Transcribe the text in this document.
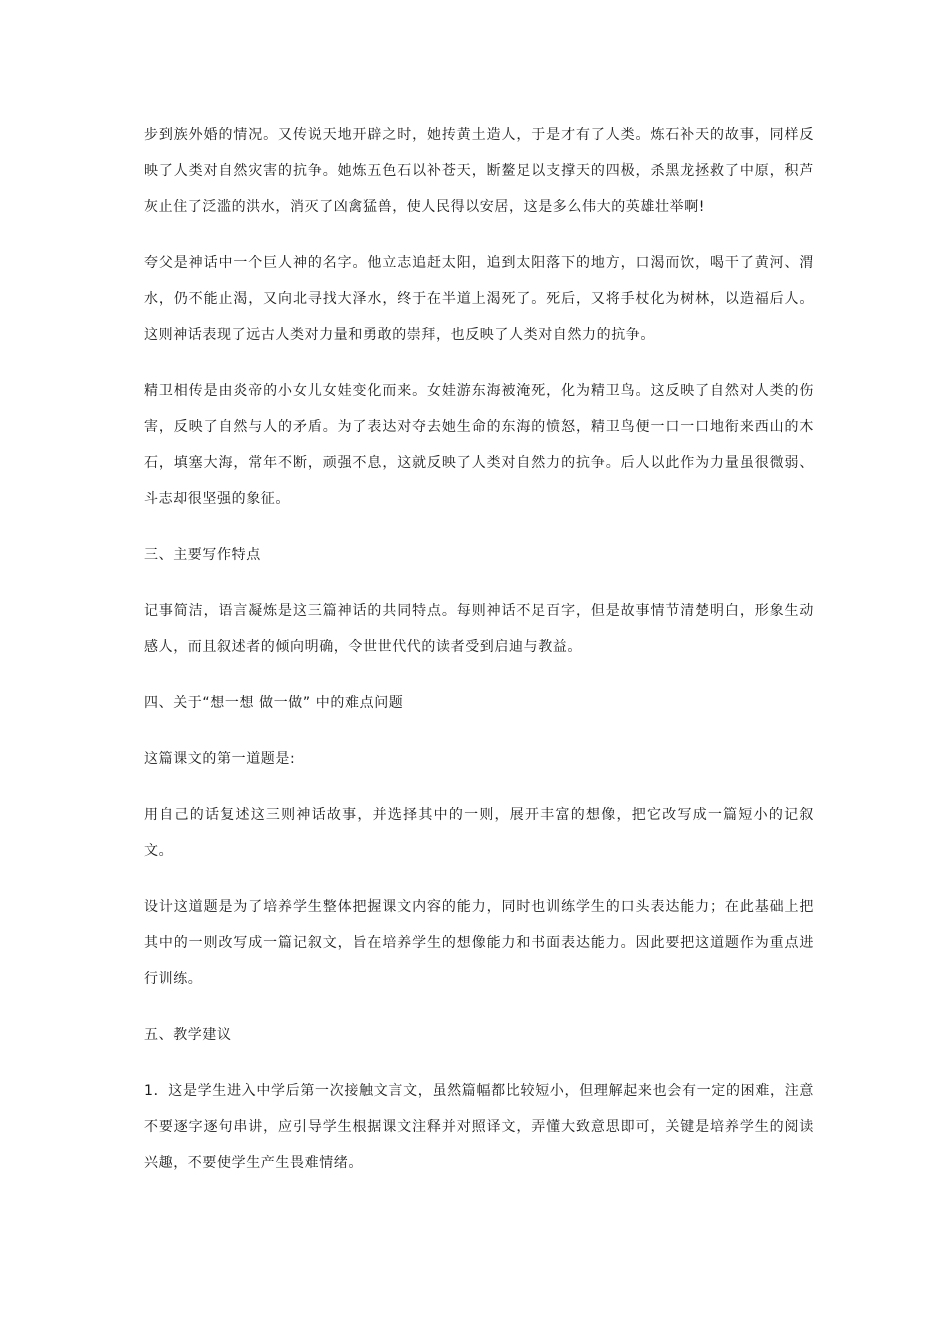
步到族外婚的情况。又传说天地开辟之时，她抟黄土造人，于是才有了人类。炼石补天的故事，同样反映了人类对自然灾害的抗争。她炼五色石以补苍天，断鳌足以支撑天的四极，杀黑龙拯救了中原，积芦灰止住了泛滥的洪水，消灭了凶禽猛兽，使人民得以安居，这是多么伟大的英雄壮举啊!

夸父是神话中一个巨人神的名字。他立志追赶太阳，追到太阳落下的地方，口渴而饮，喝干了黄河、渭水，仍不能止渴，又向北寻找大泽水，终于在半道上渴死了。死后，又将手杖化为树林，以造福后人。这则神话表现了远古人类对力量和勇敢的崇拜，也反映了人类对自然力的抗争。

精卫相传是由炎帝的小女儿女娃变化而来。女娃游东海被淹死，化为精卫鸟。这反映了自然对人类的伤害，反映了自然与人的矛盾。为了表达对夺去她生命的东海的愤怒，精卫鸟便一口一口地衔来西山的木石，填塞大海，常年不断，顽强不息，这就反映了人类对自然力的抗争。后人以此作为力量虽很微弱、斗志却很坚强的象征。

三、主要写作特点

记事简洁，语言凝炼是这三篇神话的共同特点。每则神话不足百字，但是故事情节清楚明白，形象生动感人，而且叙述者的倾向明确，令世世代代的读者受到启迪与教益。

四、关于“想一想 做一做” 中的难点问题

这篇课文的第一道题是:

用自己的话复述这三则神话故事，并选择其中的一则，展开丰富的想像，把它改写成一篇短小的记叙文。

设计这道题是为了培养学生整体把握课文内容的能力，同时也训练学生的口头表达能力；在此基础上把其中的一则改写成一篇记叙文，旨在培养学生的想像能力和书面表达能力。因此要把这道题作为重点进行训练。

五、教学建议

1．这是学生进入中学后第一次接触文言文，虽然篇幅都比较短小，但理解起来也会有一定的困难，注意不要逐字逐句串讲，应引导学生根据课文注释并对照译文，弄懂大致意思即可，关键是培养学生的阅读兴趣，不要使学生产生畏难情绪。
